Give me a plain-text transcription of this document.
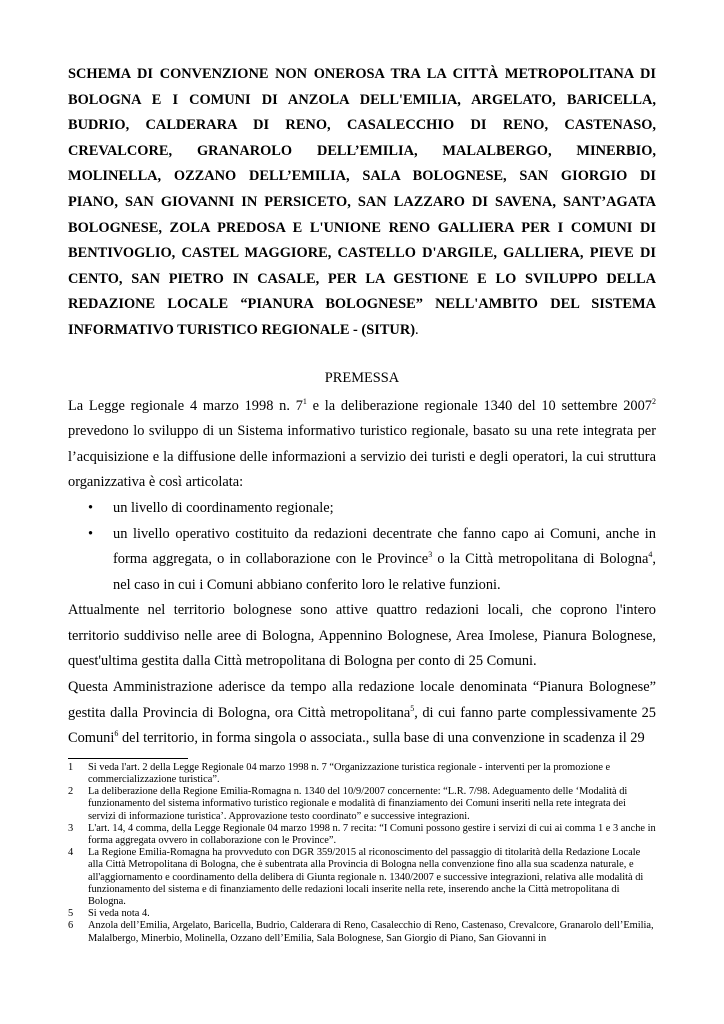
SCHEMA DI CONVENZIONE NON ONEROSA TRA LA CITTÀ METROPOLITANA DI
BOLOGNA E I COMUNI DI ANZOLA DELL'EMILIA, ARGELATO, BARICELLA,
BUDRIO, CALDERARA DI RENO, CASALECCHIO DI RENO, CASTENASO,
CREVALCORE, GRANAROLO DELL’EMILIA, MALALBERGO, MINERBIO,
MOLINELLA, OZZANO DELL’EMILIA, SALA BOLOGNESE, SAN GIORGIO DI
PIANO, SAN GIOVANNI IN PERSICETO, SAN LAZZARO DI SAVENA, SANT’AGATA
BOLOGNESE, ZOLA PREDOSA E L'UNIONE RENO GALLIERA PER I COMUNI DI
BENTIVOGLIO, CASTEL MAGGIORE, CASTELLO D'ARGILE, GALLIERA, PIEVE DI
CENTO, SAN PIETRO IN CASALE, PER LA GESTIONE E LO SVILUPPO DELLA
REDAZIONE LOCALE “PIANURA BOLOGNESE” NELL'AMBITO DEL SISTEMA
INFORMATIVO TURISTICO REGIONALE - (SITUR).
PREMESSA

La Legge regionale 4 marzo 1998 n. $7^1$ e la deliberazione regionale 1340 del 10 settembre 2007$^2$ prevedono lo sviluppo di un Sistema informativo turistico regionale, basato su una rete integrata per l’acquisizione e la diffusione delle informazioni a servizio dei turisti e degli operatori, la cui struttura organizzativa è così articolata:

• un livello di coordinamento regionale;
• un livello operativo costituito da redazioni decentrate che fanno capo ai Comuni, anche in forma aggregata, o in collaborazione con le Province$^3$ o la Città metropolitana di Bologna$^4$, nel caso in cui i Comuni abbiano conferito loro le relative funzioni.

Attualmente nel territorio bolognese sono attive quattro redazioni locali, che coprono l'intero territorio suddiviso nelle aree di Bologna, Appennino Bolognese, Area Imolese, Pianura Bolognese, quest'ultima gestita dalla Città metropolitana di Bologna per conto di 25 Comuni.

Questa Amministrazione aderisce da tempo alla redazione locale denominata “Pianura Bolognese” gestita dalla Provincia di Bologna, ora Città metropolitana$^5$, di cui fanno parte complessivamente 25 Comuni$^6$ del territorio, in forma singola o associata., sulla base di una convenzione in scadenza il 29

1 Si veda l'art. 2 della Legge Regionale 04 marzo 1998 n. 7 “Organizzazione turistica regionale - interventi per la promozione e commercializzazione turistica”.

2 La deliberazione della Regione Emilia-Romagna n. 1340 del 10/9/2007 concernente: “L.R. 7/98. Adeguamento delle ‘Modalità di funzionamento del sistema informativo turistico regionale e modalità di finanziamento dei Comuni inseriti nella rete integrata dei servizi di informazione turistica’. Approvazione testo coordinato” e successive integrazioni.

3 L'art. 14, 4 comma, della Legge Regionale 04 marzo 1998 n. 7 recita: “I Comuni possono gestire i servizi di cui ai comma 1 e 3 anche in forma aggregata ovvero in collaborazione con le Province”.

4 La Regione Emilia-Romagna ha provveduto con DGR 359/2015 al riconoscimento del passaggio di titolarità della Redazione Locale alla Città Metropolitana di Bologna, che è subentrata alla Provincia di Bologna nella convenzione fino alla sua scadenza naturale, e all'aggiornamento e coordinamento della delibera di Giunta regionale n. 1340/2007 e successive integrazioni, relativa alle modalità di funzionamento del sistema e di finanziamento delle redazioni locali inserite nella rete, inserendo anche la Città metropolitana di Bologna.

5 Si veda nota 4.

6 Anzola dell’Emilia, Argelato, Baricella, Budrio, Calderara di Reno, Casalecchio di Reno, Castenaso, Crevalcore, Granarolo dell’Emilia, Malalbergo, Minerbio, Molinella, Ozzano dell’Emilia, Sala Bolognese, San Giorgio di Piano, San Giovanni in
